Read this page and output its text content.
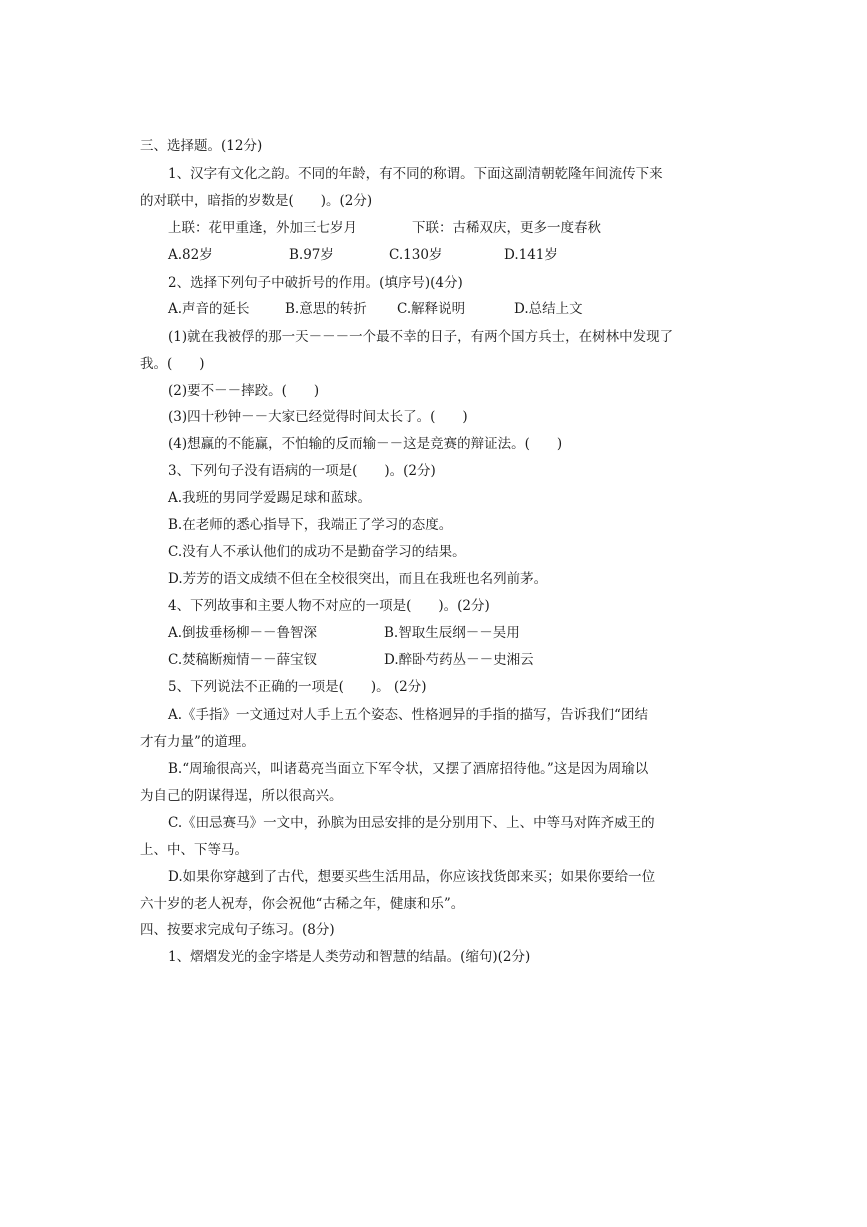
三、选择题。(12分)
1、汉字有文化之韵。不同的年龄，有不同的称谓。下面这副清朝乾隆年间流传下来
的对联中，暗指的岁数是(　　)。(2分)
上联：花甲重逢，外加三七岁月	下联：古稀双庆，更多一度春秋
A.82岁	B.97岁	C.130岁	D.141岁
2、选择下列句子中破折号的作用。(填序号)(4分)
A.声音的延长	B.意思的转折 C.解释说明	D.总结上文
(1)就在我被俘的那一天－－－一个最不幸的日子，有两个国方兵士，在树林中发现了
我。(　　)
(2)要不－－摔跤。(　　)
(3)四十秒钟－－大家已经觉得时间太长了。(　　)
(4)想赢的不能赢，不怕输的反而输－－这是竞赛的辩证法。(　　)
3、下列句子没有语病的一项是(　　)。(2分)
A.我班的男同学爱踢足球和蓝球。
B.在老师的悉心指导下，我端正了学习的态度。
C.没有人不承认他们的成功不是勤奋学习的结果。
D.芳芳的语文成绩不但在全校很突出，而且在我班也名列前茅。
4、下列故事和主要人物不对应的一项是(　　)。(2分)
A.倒拔垂杨柳－－鲁智深	B.智取生辰纲－－吴用
C.焚稿断痴情－－薛宝钗	D.醉卧芍药丛－－史湘云
5、下列说法不正确的一项是(　　)。 (2分)
A.《手指》一文通过对人手上五个姿态、性格迥异的手指的描写，告诉我们“团结
才有力量”的道理。
B.“周瑜很高兴，叫诸葛亮当面立下军令状，又摆了酒席招待他。”这是因为周瑜以
为自己的阴谋得逞，所以很高兴。
C.《田忌赛马》一文中，孙膑为田忌安排的是分别用下、上、中等马对阵齐威王的
上、中、下等马。
D.如果你穿越到了古代，想要买些生活用品，你应该找货郎来买；如果你要给一位
六十岁的老人祝寿，你会祝他“古稀之年，健康和乐”。
四、按要求完成句子练习。(8分)
1、熠熠发光的金字塔是人类劳动和智慧的结晶。(缩句)(2分)
